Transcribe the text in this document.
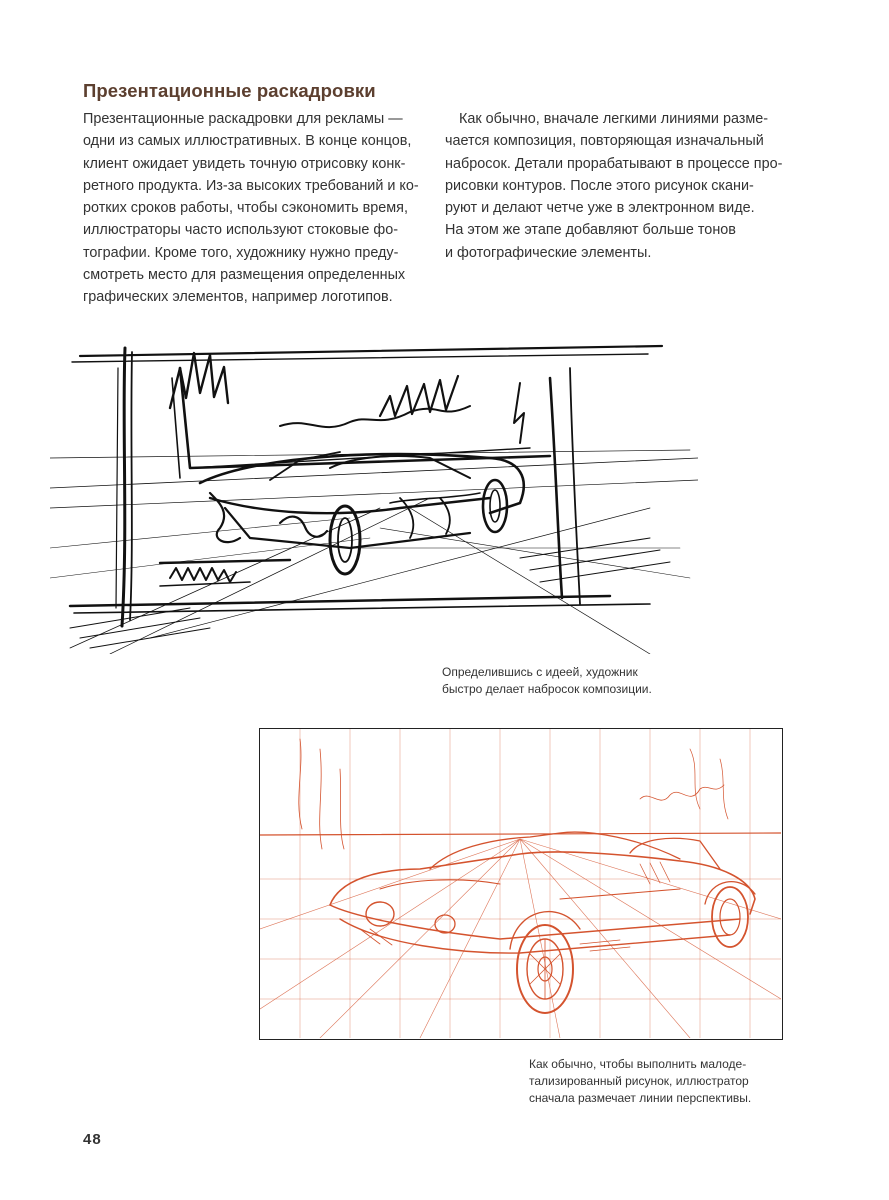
Презентационные раскадровки

Презентационные раскадровки для рекламы —

одни из самых иллюстративных. В конце концов,

клиент ожидает увидеть точную отрисовку конк-

ретного продукта. Из-за высоких требований и ко-

ротких сроков работы, чтобы сэкономить время,

иллюстраторы часто используют стоковые фо-

тографии. Кроме того, художнику нужно преду-

смотреть место для размещения определенных

графических элементов, например логотипов.

Как обычно, вначале легкими линиями разме-

чается композиция, повторяющая изначальный

набросок. Детали прорабатывают в процессе про-

рисовки контуров. После этого рисунок скани-

руют и делают четче уже в электронном виде.

На этом же этапе добавляют больше тонов

и фотографические элементы.

Определившись с идеей, художник
быстро делает набросок композиции.

Как обычно, чтобы выполнить малодe-
тализированный рисунок, иллюстратор
сначала размечает линии перспективы.

48
